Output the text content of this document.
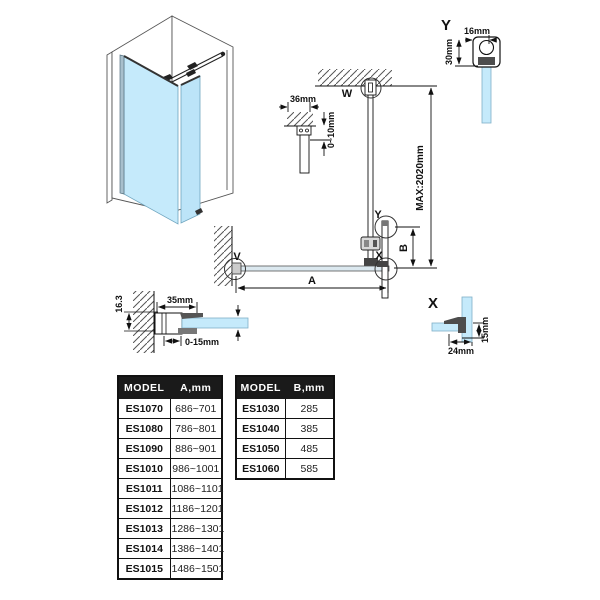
W
V
Y
X
36mm
0~10mm
MAX:2020mm
B
A
Y 16mm
30mm
X
15mm
24mm
16.3	35mm
0-15mm
MODEL	A,mm
ES1070	686~701
ES1080	786~801
ES1090	886~901
ES1010	986~1001
ES1011	1086~1101
ES1012	1186~1201
ES1013	1286~1301
ES1014	1386~1401
ES1015	1486~1501
MODEL	B,mm
ES1030	285
ES1040	385
ES1050	485
ES1060	585
